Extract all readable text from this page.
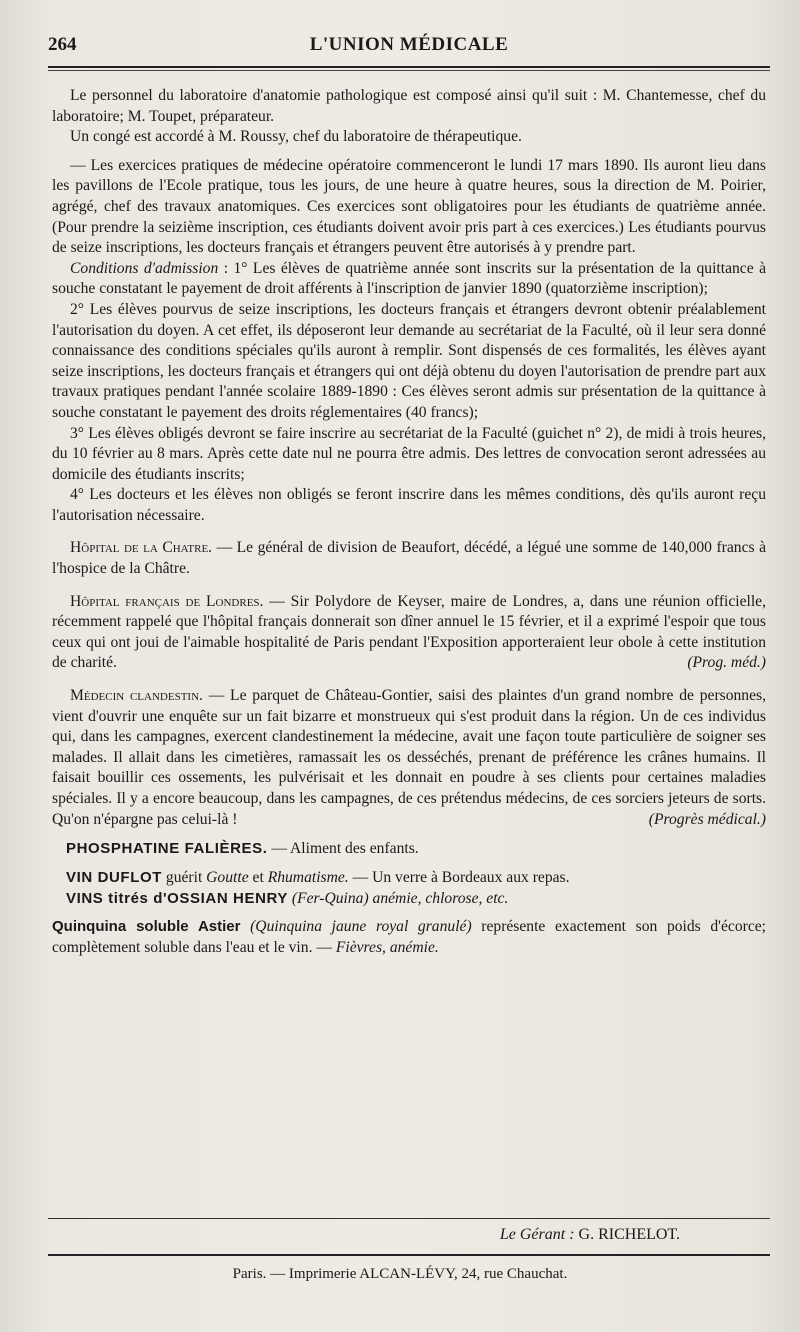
264	L'UNION MÉDICALE

Le personnel du laboratoire d'anatomie pathologique est composé ainsi qu'il suit : M. Chantemesse, chef du laboratoire; M. Toupet, préparateur.

Un congé est accordé à M. Roussy, chef du laboratoire de thérapeutique.

— Les exercices pratiques de médecine opératoire commenceront le lundi 17 mars 1890. Ils auront lieu dans les pavillons de l'Ecole pratique, tous les jours, de une heure à quatre heures, sous la direction de M. Poirier, agrégé, chef des travaux anatomiques. Ces exercices sont obligatoires pour les étudiants de quatrième année. (Pour prendre la seizième inscription, ces étudiants doivent avoir pris part à ces exercices.) Les étudiants pourvus de seize inscriptions, les docteurs français et étrangers peuvent être autorisés à y prendre part.

Conditions d'admission : 1° Les élèves de quatrième année sont inscrits sur la présentation de la quittance à souche constatant le payement de droit afférents à l'inscription de janvier 1890 (quatorzième inscription);

2° Les élèves pourvus de seize inscriptions, les docteurs français et étrangers devront obtenir préalablement l'autorisation du doyen. A cet effet, ils déposeront leur demande au secrétariat de la Faculté, où il leur sera donné connaissance des conditions spéciales qu'ils auront à remplir. Sont dispensés de ces formalités, les élèves ayant seize inscriptions, les docteurs français et étrangers qui ont déjà obtenu du doyen l'autorisation de prendre part aux travaux pratiques pendant l'année scolaire 1889-1890 : Ces élèves seront admis sur présentation de la quittance à souche constatant le payement des droits réglementaires (40 francs);

3° Les élèves obligés devront se faire inscrire au secrétariat de la Faculté (guichet n° 2), de midi à trois heures, du 10 février au 8 mars. Après cette date nul ne pourra être admis. Des lettres de convocation seront adressées au domicile des étudiants inscrits;

4° Les docteurs et les élèves non obligés se feront inscrire dans les mêmes conditions, dès qu'ils auront reçu l'autorisation nécessaire.

Hôpital de la Chatre. — Le général de division de Beaufort, décédé, a légué une somme de 140,000 francs à l'hospice de la Châtre.

Hôpital français de Londres. — Sir Polydore de Keyser, maire de Londres, a, dans une réunion officielle, récemment rappelé que l'hôpital français donnerait son dîner annuel le 15 février, et il a exprimé l'espoir que tous ceux qui ont joui de l'aimable hospitalité de Paris pendant l'Exposition apporteraient leur obole à cette institution de charité.	(Prog. méd.)

Médecin clandestin. — Le parquet de Château-Gontier, saisi des plaintes d'un grand nombre de personnes, vient d'ouvrir une enquête sur un fait bizarre et monstrueux qui s'est produit dans la région. Un de ces individus qui, dans les campagnes, exercent clandestinement la médecine, avait une façon toute particulière de soigner ses malades. Il allait dans les cimetières, ramassait les os desséchés, prenant de préférence les crânes humains. Il faisait bouillir ces ossements, les pulvérisait et les donnait en poudre à ses clients pour certaines maladies spéciales. Il y a encore beaucoup, dans les campagnes, de ces prétendus médecins, de ces sorciers jeteurs de sorts. Qu'on n'épargne pas celui-là !	(Progrès médical.)

PHOSPHATINE FALIÈRES. — Aliment des enfants.

VIN DUFLOT guérit Goutte et Rhumatisme. — Un verre à Bordeaux aux repas.

VINS titrés d'OSSIAN HENRY (Fer-Quina) anémie, chlorose, etc.

Quinquina soluble Astier (Quinquina jaune royal granulé) représente exactement son poids d'écorce; complètement soluble dans l'eau et le vin. — Fièvres, anémie.

Le Gérant : G. RICHELOT.
Paris. — Imprimerie ALCAN-LÉVY, 24, rue Chauchat.
